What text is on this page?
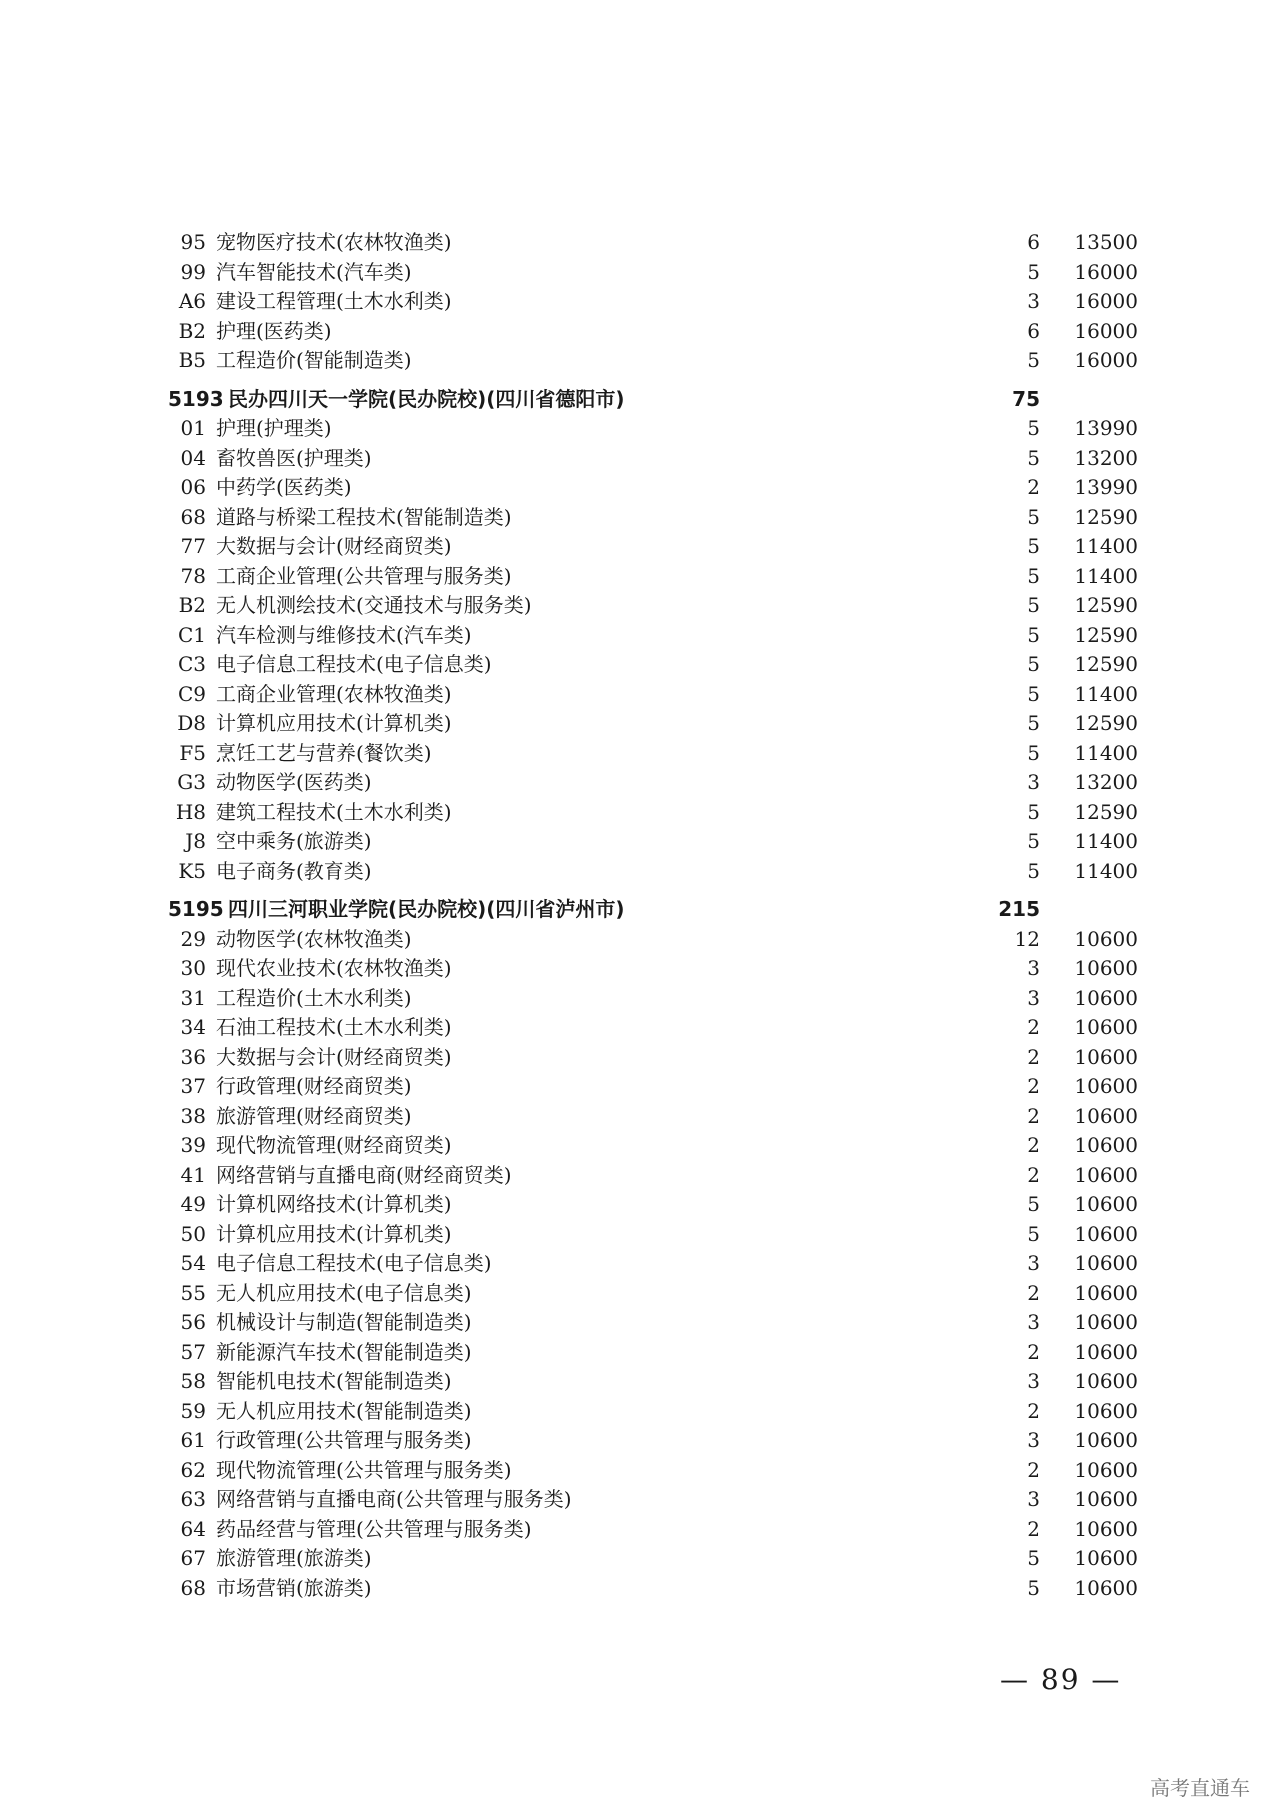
95 宠物医疗技术(农林牧渔类)	6	13500
99 汽车智能技术(汽车类)	5	16000
A6 建设工程管理(土木水利类)	3	16000
B2 护理(医药类)	6	16000
B5 工程造价(智能制造类)	5	16000
5193 民办四川天一学院(民办院校)(四川省德阳市)	75
01 护理(护理类)	5	13990
04 畜牧兽医(护理类)	5	13200
06 中药学(医药类)	2	13990
68 道路与桥梁工程技术(智能制造类)	5	12590
77 大数据与会计(财经商贸类)	5	11400
78 工商企业管理(公共管理与服务类)	5	11400
B2 无人机测绘技术(交通技术与服务类)	5	12590
C1 汽车检测与维修技术(汽车类)	5	12590
C3 电子信息工程技术(电子信息类)	5	12590
C9 工商企业管理(农林牧渔类)	5	11400
D8 计算机应用技术(计算机类)	5	12590
F5 烹饪工艺与营养(餐饮类)	5	11400
G3 动物医学(医药类)	3	13200
H8 建筑工程技术(土木水利类)	5	12590
J8 空中乘务(旅游类)	5	11400
K5 电子商务(教育类)	5	11400
5195 四川三河职业学院(民办院校)(四川省泸州市)	215
29 动物医学(农林牧渔类)	12	10600
30 现代农业技术(农林牧渔类)	3	10600
31 工程造价(土木水利类)	3	10600
34 石油工程技术(土木水利类)	2	10600
36 大数据与会计(财经商贸类)	2	10600
37 行政管理(财经商贸类)	2	10600
38 旅游管理(财经商贸类)	2	10600
39 现代物流管理(财经商贸类)	2	10600
41 网络营销与直播电商(财经商贸类)	2	10600
49 计算机网络技术(计算机类)	5	10600
50 计算机应用技术(计算机类)	5	10600
54 电子信息工程技术(电子信息类)	3	10600
55 无人机应用技术(电子信息类)	2	10600
56 机械设计与制造(智能制造类)	3	10600
57 新能源汽车技术(智能制造类)	2	10600
58 智能机电技术(智能制造类)	3	10600
59 无人机应用技术(智能制造类)	2	10600
61 行政管理(公共管理与服务类)	3	10600
62 现代物流管理(公共管理与服务类)	2	10600
63 网络营销与直播电商(公共管理与服务类)	3	10600
64 药品经营与管理(公共管理与服务类)	2	10600
67 旅游管理(旅游类)	5	10600
68 市场营销(旅游类)	5	10600
— 89 —
高考直通车
